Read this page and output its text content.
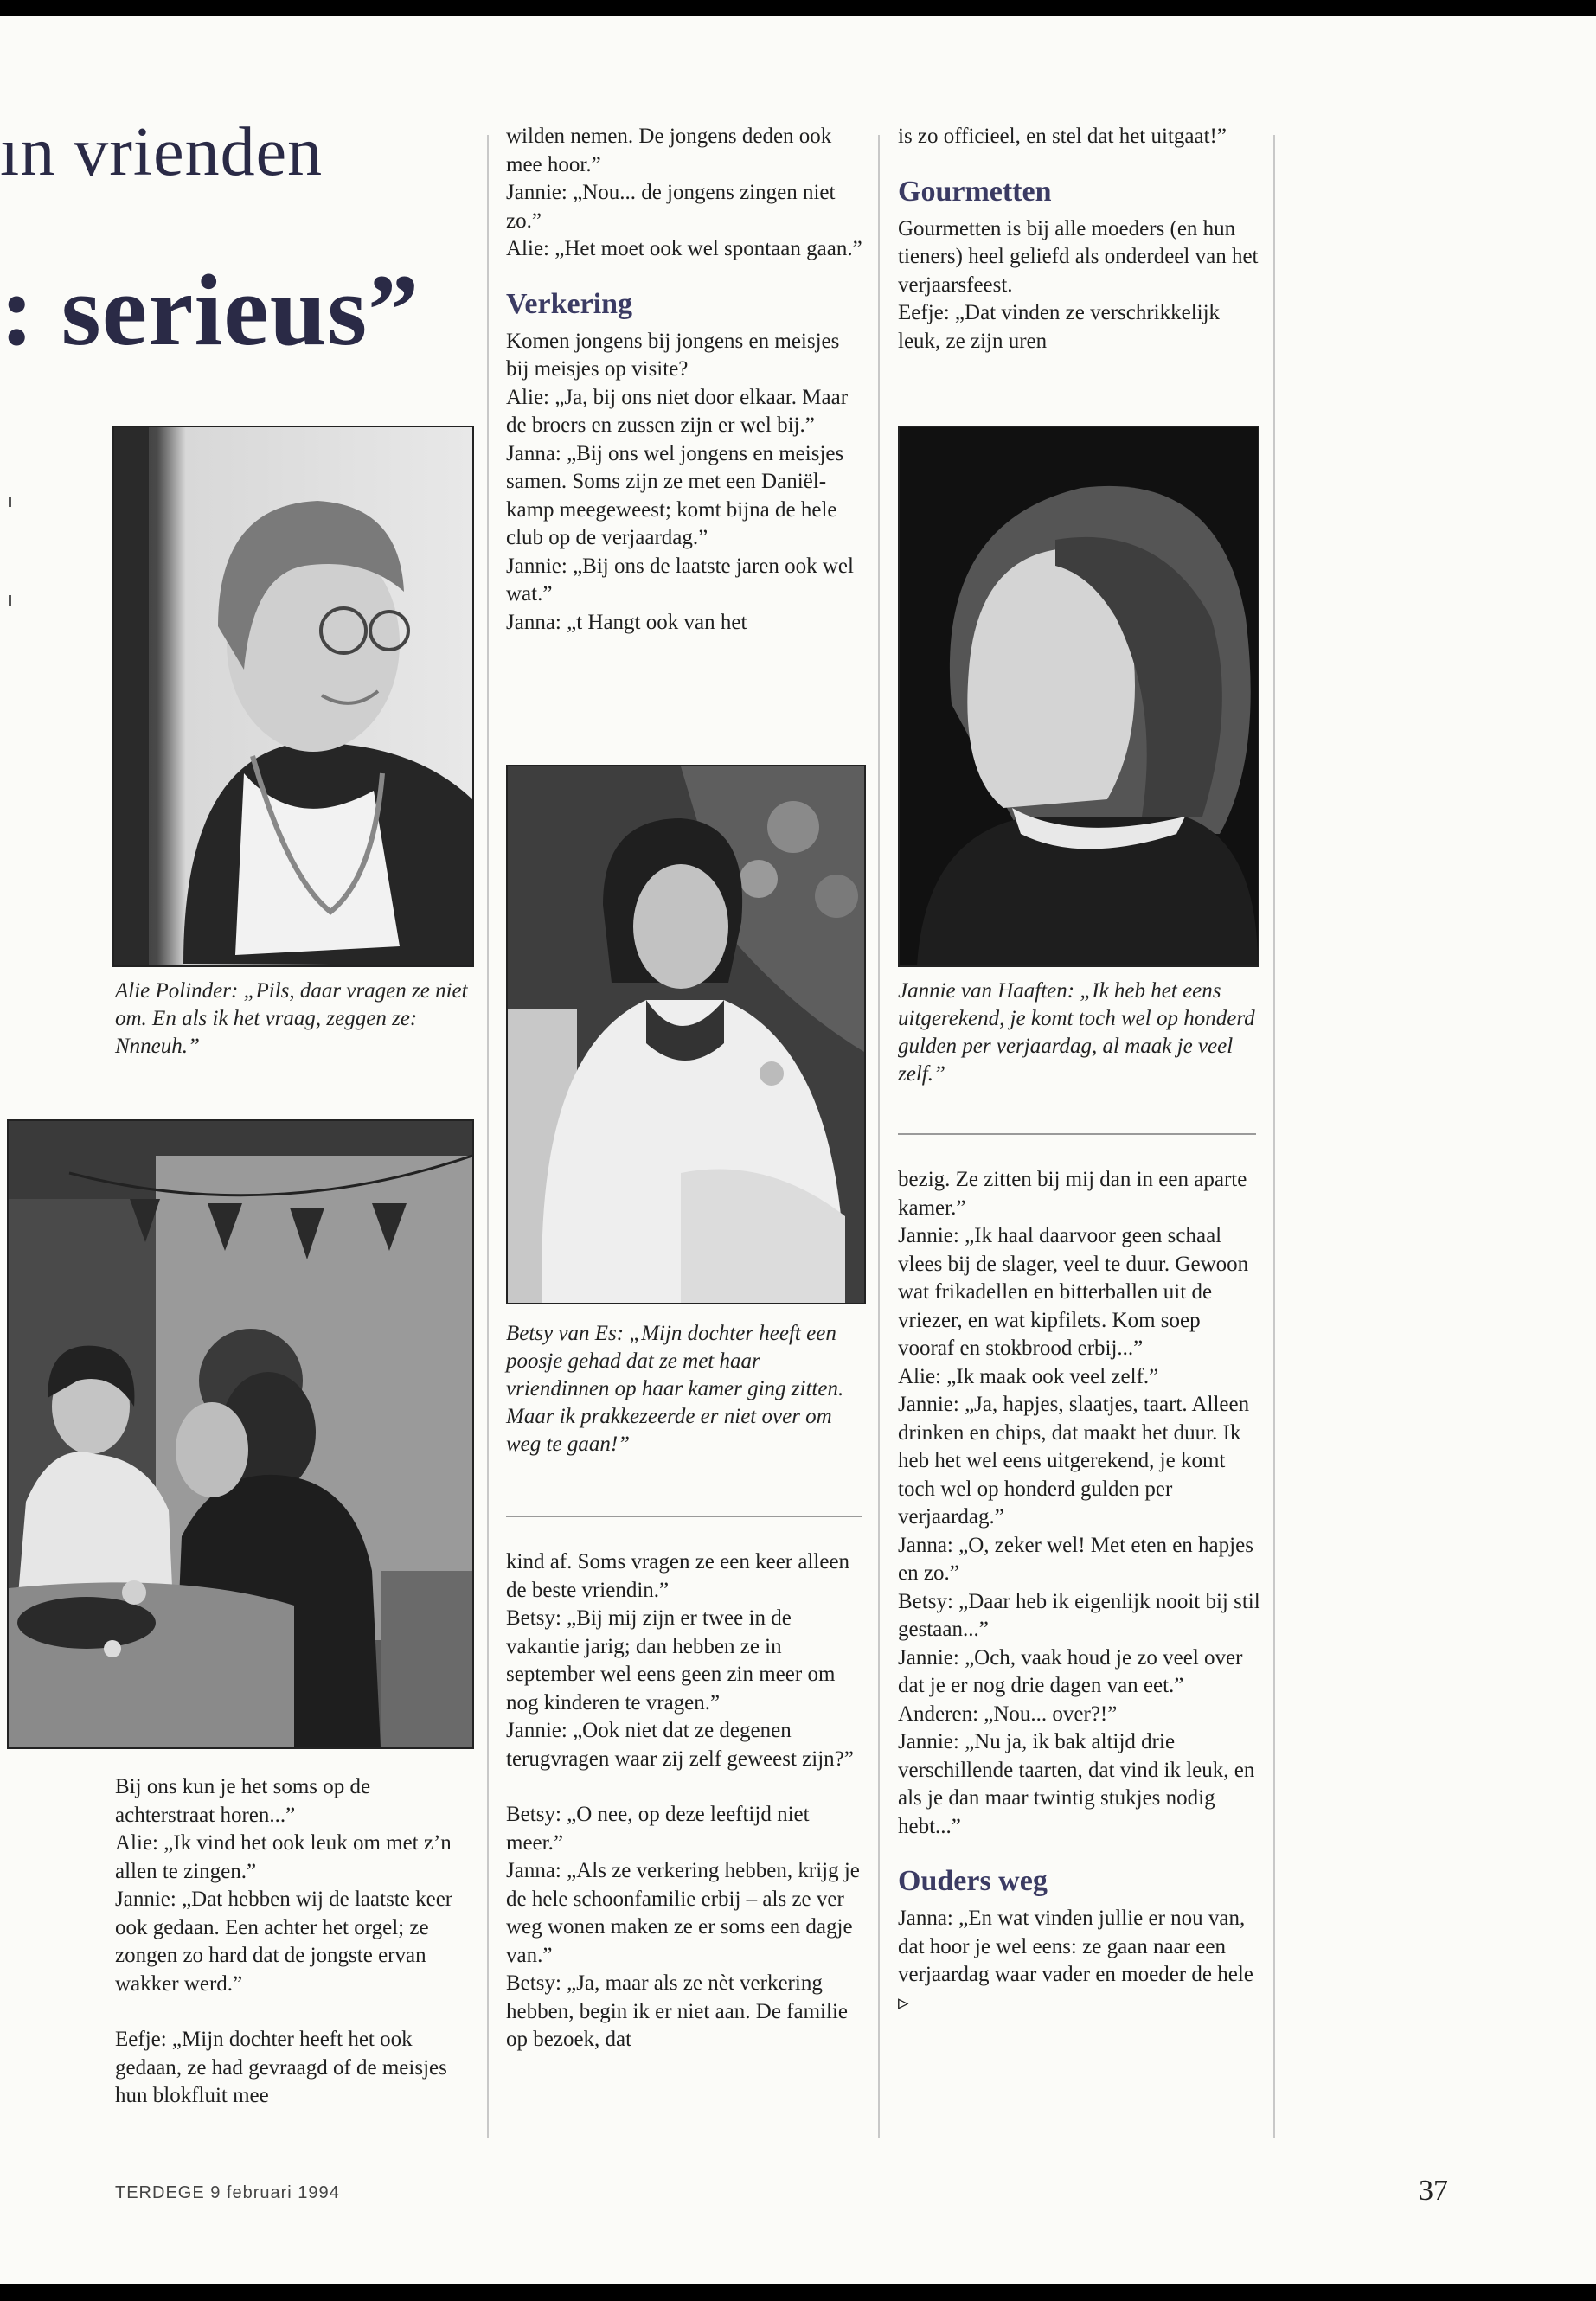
ın vrienden
: serieus”
Alie Polinder: „Pils, daar vragen ze niet om. En als ik het vraag, zeggen ze: Nnneuh.”

Bij ons kun je het soms op de achterstraat horen...”

Alie: „Ik vind het ook leuk om met z’n allen te zingen.”

Jannie: „Dat hebben wij de laatste keer ook gedaan. Een achter het orgel; ze zongen zo hard dat de jongste ervan wakker werd.”

Eefje: „Mijn dochter heeft het ook gedaan, ze had gevraagd of de meisjes hun blokfluit mee

wilden nemen. De jongens deden ook mee hoor.”

Jannie: „Nou... de jongens zingen niet zo.”

Alie: „Het moet ook wel spontaan gaan.”

Verkering

Komen jongens bij jongens en meisjes bij meisjes op visite?

Alie: „Ja, bij ons niet door elkaar. Maar de broers en zussen zijn er wel bij.”

Janna: „Bij ons wel jongens en meisjes samen. Soms zijn ze met een Daniël-kamp meegeweest; komt bijna de hele club op de verjaardag.”

Jannie: „Bij ons de laatste jaren ook wel wat.”

Janna: „t Hangt ook van het

Betsy van Es: „Mijn dochter heeft een poosje gehad dat ze met haar vriendinnen op haar kamer ging zitten. Maar ik prakkezeerde er niet over om weg te gaan!”

kind af. Soms vragen ze een keer alleen de beste vriendin.”

Betsy: „Bij mij zijn er twee in de vakantie jarig; dan hebben ze in september wel eens geen zin meer om nog kinderen te vragen.”

Jannie: „Ook niet dat ze degenen terugvragen waar zij zelf geweest zijn?”

Betsy: „O nee, op deze leeftijd niet meer.”

Janna: „Als ze verkering hebben, krijg je de hele schoonfamilie erbij – als ze ver weg wonen maken ze er soms een dagje van.”

Betsy: „Ja, maar als ze nèt verkering hebben, begin ik er niet aan. De familie op bezoek, dat

is zo officieel, en stel dat het uitgaat!”

Gourmetten

Gourmetten is bij alle moeders (en hun tieners) heel geliefd als onderdeel van het verjaarsfeest.

Eefje: „Dat vinden ze verschrikkelijk leuk, ze zijn uren

Jannie van Haaften: „Ik heb het eens uitgerekend, je komt toch wel op honderd gulden per verjaardag, al maak je veel zelf.”

bezig. Ze zitten bij mij dan in een aparte kamer.”

Jannie: „Ik haal daarvoor geen schaal vlees bij de slager, veel te duur. Gewoon wat frikadellen en bitterballen uit de vriezer, en wat kipfilets. Kom soep vooraf en stokbrood erbij...”

Alie: „Ik maak ook veel zelf.”

Jannie: „Ja, hapjes, slaatjes, taart. Alleen drinken en chips, dat maakt het duur. Ik heb het wel eens uitgerekend, je komt toch wel op honderd gulden per verjaardag.”

Janna: „O, zeker wel! Met eten en hapjes en zo.”

Betsy: „Daar heb ik eigenlijk nooit bij stil gestaan...”

Jannie: „Och, vaak houd je zo veel over dat je er nog drie dagen van eet.”

Anderen: „Nou... over?!”

Jannie: „Nu ja, ik bak altijd drie verschillende taarten, dat vind ik leuk, en als je dan maar twintig stukjes nodig hebt...”

Ouders weg

Janna: „En wat vinden jullie er nou van, dat hoor je wel eens: ze gaan naar een verjaardag waar vader en moeder de hele ▹

TERDEGE 9 februari 1994	37
